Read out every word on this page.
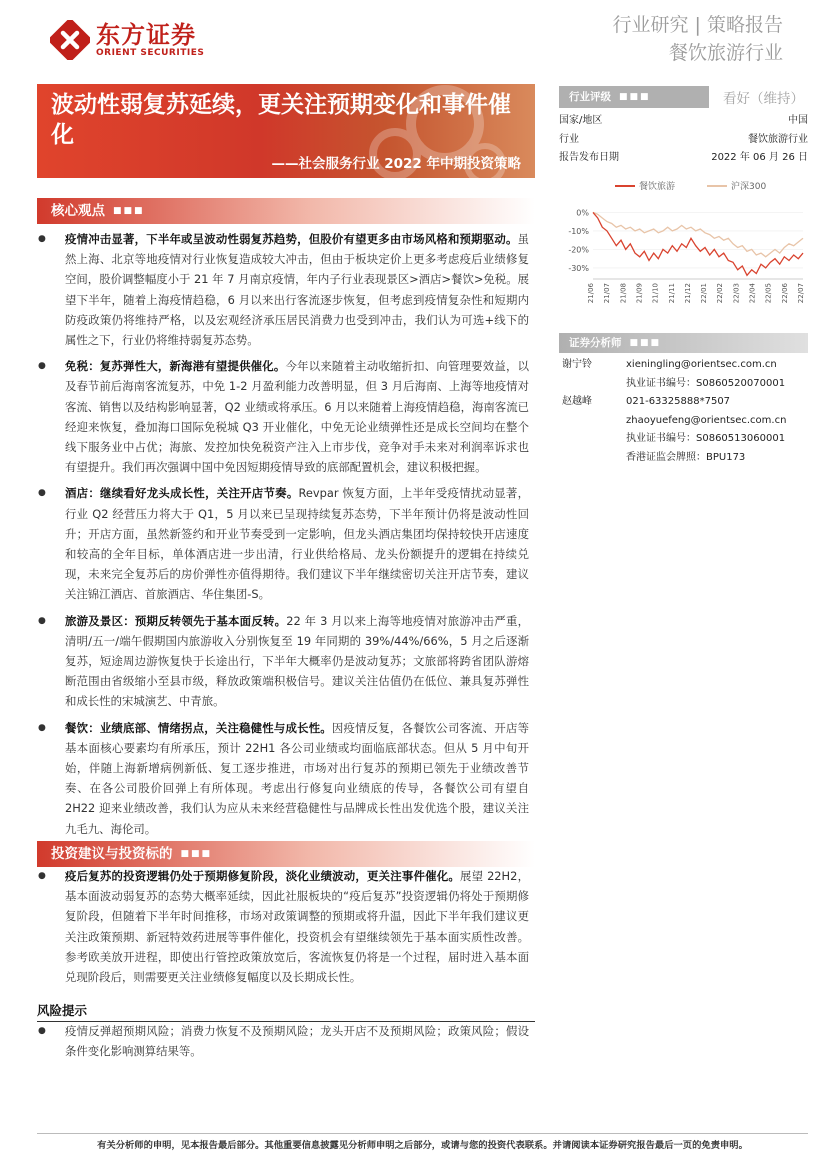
东方证券
ORIENT SECURITIES
行业研究 | 策略报告
餐饮旅游行业
波动性弱复苏延续，更关注预期变化和事件催化
——社会服务行业 2022 年中期投资策略
核心观点 ■■■
● 疫情冲击显著，下半年或呈波动性弱复苏趋势，但股价有望更多由市场风格和预期驱动。虽然上海、北京等地疫情对行业恢复造成较大冲击，但由于板块定价上更多考虑疫后业绩修复空间，股价调整幅度小于 21 年 7 月南京疫情，年内子行业表现景区>酒店>餐饮>免税。展望下半年，随着上海疫情趋稳，6 月以来出行客流逐步恢复，但考虑到疫情复杂性和短期内防疫政策仍将维持严格，以及宏观经济承压居民消费力也受到冲击，我们认为可选+线下的属性之下，行业仍将维持弱复苏态势。
● 免税：复苏弹性大，新海港有望提供催化。今年以来随着主动收缩折扣、向管理要效益，以及春节前后海南客流复苏，中免 1-2 月盈利能力改善明显，但 3 月后海南、上海等地疫情对客流、销售以及结构影响显著，Q2 业绩或将承压。6 月以来随着上海疫情趋稳，海南客流已经迎来恢复，叠加海口国际免税城 Q3 开业催化，中免无论业绩弹性还是成长空间均在整个线下服务业中占优；海旅、发控加快免税资产注入上市步伐，竞争对手未来对利润率诉求也有望提升。我们再次强调中国中免因短期疫情导致的底部配置机会，建议积极把握。
● 酒店：继续看好龙头成长性，关注开店节奏。Revpar 恢复方面，上半年受疫情扰动显著，行业 Q2 经营压力将大于 Q1，5 月以来已呈现持续复苏态势，下半年预计仍将是波动性回升；开店方面，虽然新签约和开业节奏受到一定影响，但龙头酒店集团均保持较快开店速度和较高的全年目标，单体酒店进一步出清，行业供给格局、龙头份额提升的逻辑在持续兑现，未来完全复苏后的房价弹性亦值得期待。我们建议下半年继续密切关注开店节奏，建议关注锦江酒店、首旅酒店、华住集团-S。
● 旅游及景区：预期反转领先于基本面反转。22 年 3 月以来上海等地疫情对旅游冲击严重，清明/五一/端午假期国内旅游收入分别恢复至 19 年同期的 39%/44%/66%，5 月之后逐渐复苏，短途周边游恢复快于长途出行，下半年大概率仍是波动复苏；文旅部将跨省团队游熔断范围由省级缩小至县市级，释放政策端积极信号。建议关注估值仍在低位、兼具复苏弹性和成长性的宋城演艺、中青旅。
● 餐饮：业绩底部、情绪拐点，关注稳健性与成长性。因疫情反复，各餐饮公司客流、开店等基本面核心要素均有所承压，预计 22H1 各公司业绩或均面临底部状态。但从 5 月中旬开始，伴随上海新增病例新低、复工逐步推进，市场对出行复苏的预期已领先于业绩改善节奏、在各公司股价回弹上有所体现。考虑出行修复向业绩底的传导，各餐饮公司有望自 2H22 迎来业绩改善，我们认为应从未来经营稳健性与品牌成长性出发优选个股，建议关注九毛九、海伦司。
投资建议与投资标的 ■■■
● 疫后复苏的投资逻辑仍处于预期修复阶段，淡化业绩波动，更关注事件催化。展望 22H2，基本面波动弱复苏的态势大概率延续，因此社服板块的“疫后复苏”投资逻辑仍将处于预期修复阶段，但随着下半年时间推移，市场对政策调整的预期或将升温，因此下半年我们建议更关注政策预期、新冠特效药进展等事件催化，投资机会有望继续领先于基本面实质性改善。参考欧美放开进程，即使出行管控政策放宽后，客流恢复仍将是一个过程，届时进入基本面兑现阶段后，则需要更关注业绩修复幅度以及长期成长性。
风险提示
● 疫情反弹超预期风险；消费力恢复不及预期风险；龙头开店不及预期风险；政策风险；假设条件变化影响测算结果等。
行业评级 ■■■	看好（维持）
国家/地区	中国
行业	餐饮旅游行业
报告发布日期	2022 年 06 月 26 日
餐饮旅游	沪深300
0%
-10%
-20%
-30%
21/06 21/07 21/08 21/09 21/10 21/11 21/12 22/01 22/02 22/03 22/04 22/05 22/06 22/07
证券分析师 ■■■
谢宁铃	xieningling@orientsec.com.cn
执业证书编号：S0860520070001
赵越峰	021-63325888*7507
zhaoyuefeng@orientsec.com.cn
执业证书编号：S0860513060001
香港证监会牌照：BPU173
有关分析师的申明，见本报告最后部分。其他重要信息披露见分析师申明之后部分，或请与您的投资代表联系。并请阅读本证券研究报告最后一页的免责申明。
